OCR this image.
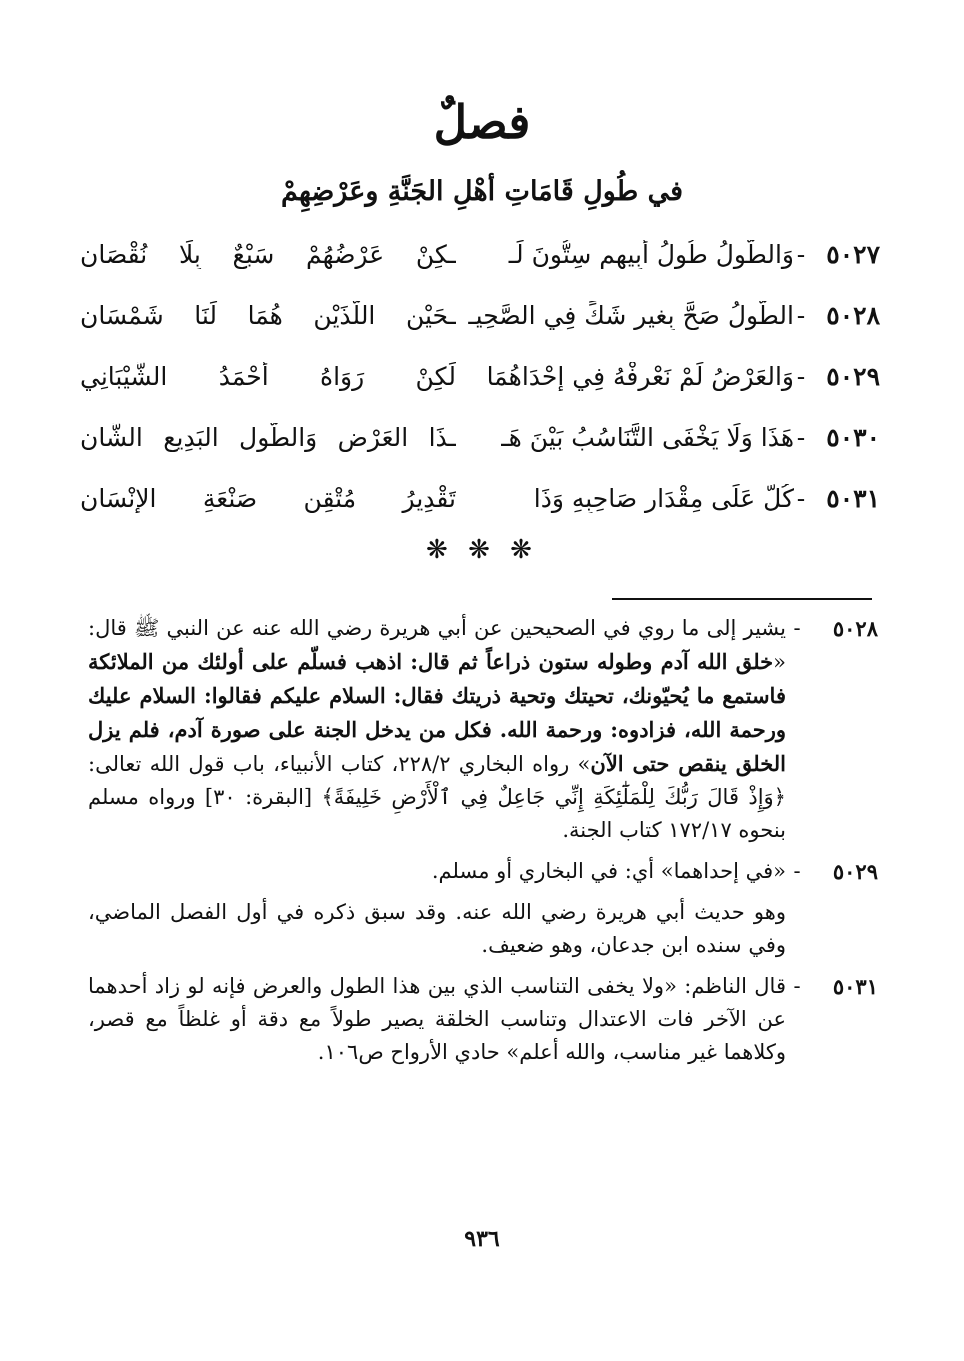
فصلٌ
في طُولِ قَامَاتِ أهْلِ الجَنَّةِ وعَرْضِهِمْ
٥٠٢٧
-
وَالطُّولُ طُولُ أَبِيهِمِ سِتُّونَ لَـ
ـكِنْ عَرْضُهُمْ سَبْعٌ بِلَا نُقْصَانِ
٥٠٢٨
-
الطُّولُ صَحَّ بِغيرِ شَكٍّ فِي الصَّحِيـ
ـحَيْنِ اللَّذَيْنِ هُمَا لَنَا شَمْسَانِ
٥٠٢٩
-
وَالعَرْضُ لَمْ نَعْرِفْهُ فِي إِحْدَاهُمَا
لَكِنْ رَوَاهُ أَحْمَدُ الشَّيْبَانِي
٥٠٣٠
-
هَذَا وَلَا يَخْفَى التَّنَاسُبُ بَيْنَ هَـ
ـذَا العَرْضِ وَالطُّولِ البَدِيعِ الشَّانِ
٥٠٣١
-
كُلٌّ عَلَى مِقْدَارِ صَاحِبِهِ وَذَا
تَقْدِيرُ مُتْقِنِ صَنْعَةِ الإِنْسَانِ
❋ ❋ ❋
٥٠٢٨
-
يشير إلى ما روي في الصحيحين عن أبي هريرة رضي الله عنه عن النبي ﷺ قال: «خلق الله آدم وطوله ستون ذراعاً ثم قال: اذهب فسلّم على أولئك من الملائكة فاستمع ما يُحيّونك، تحيتك وتحية ذريتك فقال: السلام عليكم فقالوا: السلام عليك ورحمة الله، فزادوه: ورحمة الله. فكل من يدخل الجنة على صورة آدم، فلم يزل الخلق ينقص حتى الآن» رواه البخاري ٢٢٨/٢، كتاب الأنبياء، باب قول الله تعالى: ﴿وَإِذْ قَالَ رَبُّكَ لِلْمَلَٰٓئِكَةِ إِنِّي جَاعِلٌ فِي ٱلْأَرْضِ خَلِيفَةً﴾ [البقرة: ٣٠] ورواه مسلم بنحوه ١٧٢/١٧ كتاب الجنة.
٥٠٢٩
-
«في إحداهما» أي: في البخاري أو مسلم.
وهو حديث أبي هريرة رضي الله عنه. وقد سبق ذكره في أول الفصل الماضي، وفي سنده ابن جدعان، وهو ضعيف.
٥٠٣١
-
قال الناظم: «ولا يخفى التناسب الذي بين هذا الطول والعرض فإنه لو زاد أحدهما عن الآخر فات الاعتدال وتناسب الخلقة يصير طولاً مع دقة أو غلظاً مع قصر، وكلاهما غير مناسب، والله أعلم» حادي الأرواح ص١٠٦.
٩٣٦
